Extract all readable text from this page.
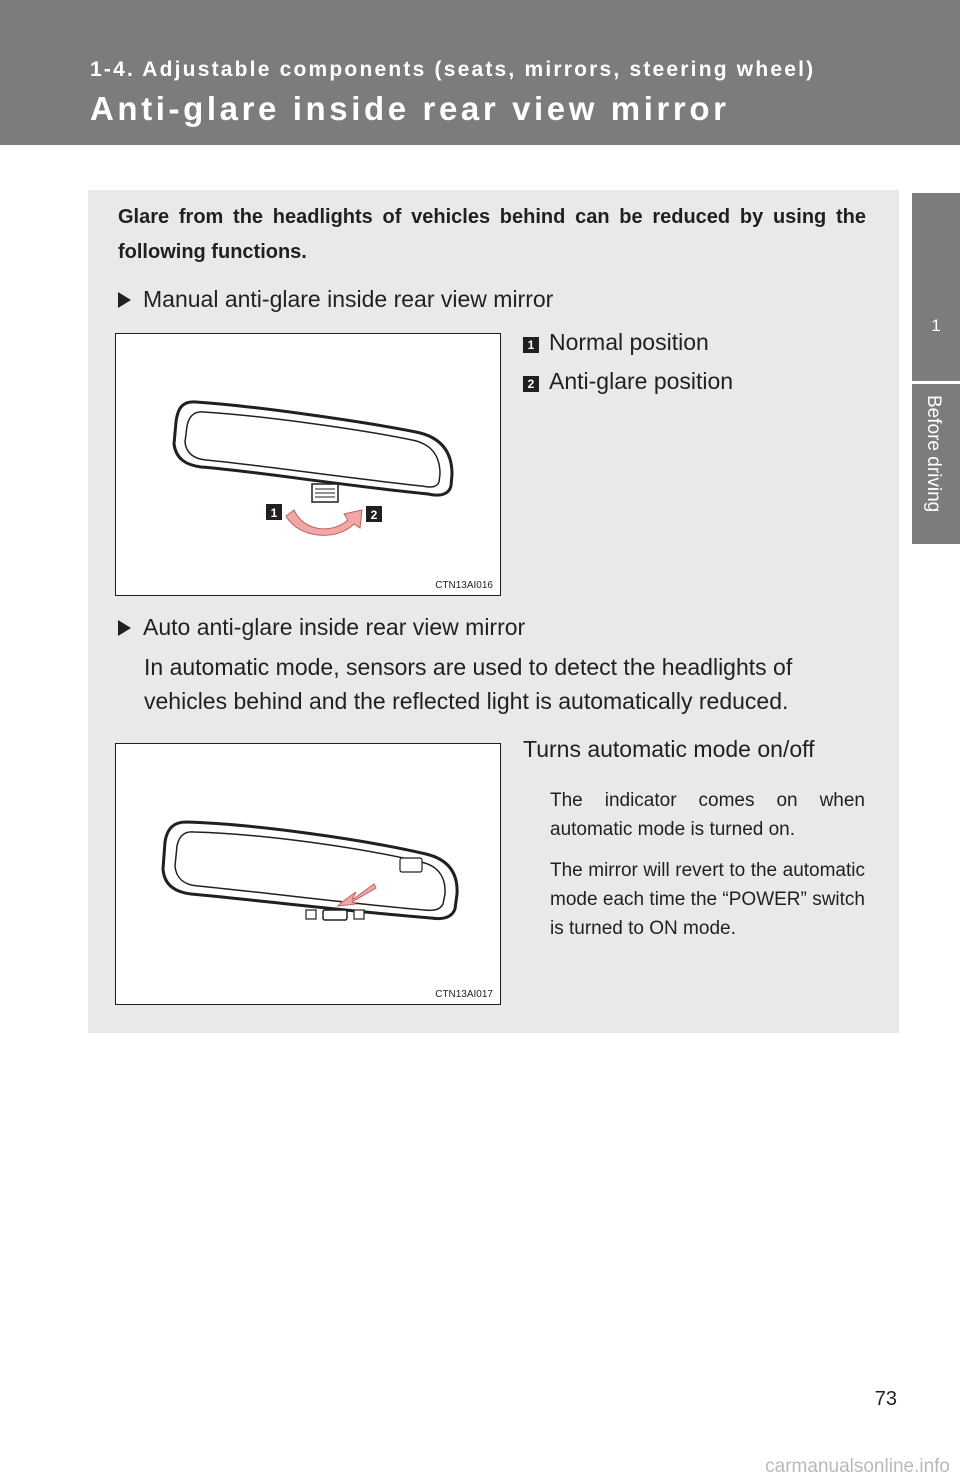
1-4. Adjustable components (seats, mirrors, steering wheel)
Anti-glare inside rear view mirror
1
Before driving
Glare from the headlights of vehicles behind can be reduced by using the following functions.
Manual anti-glare inside rear view mirror
1	2
CTN13AI016
1 Normal position
2 Anti-glare position
Auto anti-glare inside rear view mirror
In automatic mode, sensors are used to detect the headlights of vehicles behind and the reflected light is automatically reduced.
CTN13AI017
Turns automatic mode on/off
The indicator comes on when automatic mode is turned on.
The mirror will revert to the automatic mode each time the “POWER” switch is turned to ON mode.
73
carmanualsonline.info
